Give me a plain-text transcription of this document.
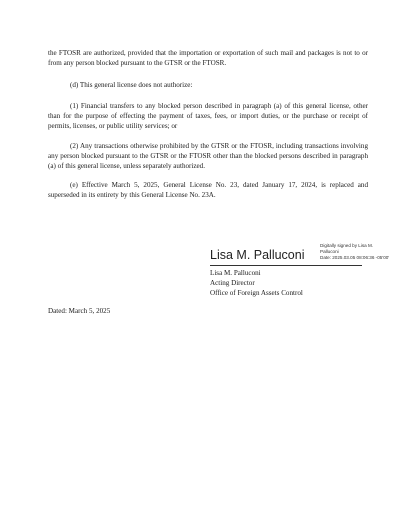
the FTOSR are authorized, provided that the importation or exportation of such mail and packages is not to or from any person blocked pursuant to the GTSR or the FTOSR.

(d) This general license does not authorize:

(1) Financial transfers to any blocked person described in paragraph (a) of this general license, other than for the purpose of effecting the payment of taxes, fees, or import duties, or the purchase or receipt of permits, licenses, or public utility services; or

(2) Any transactions otherwise prohibited by the GTSR or the FTOSR, including transactions involving any person blocked pursuant to the GTSR or the FTOSR other than the blocked persons described in paragraph (a) of this general license, unless separately authorized.

(e) Effective March 5, 2025, General License No. 23, dated January 17, 2024, is replaced and superseded in its entirety by this General License No. 23A.

Lisa M. Palluconi
Digitally signed by Lisa M.
Palluconi
Date: 2025.03.05 08:06:36 -05'00'
Lisa M. Palluconi
Acting Director
Office of Foreign Assets Control
Dated: March 5, 2025
